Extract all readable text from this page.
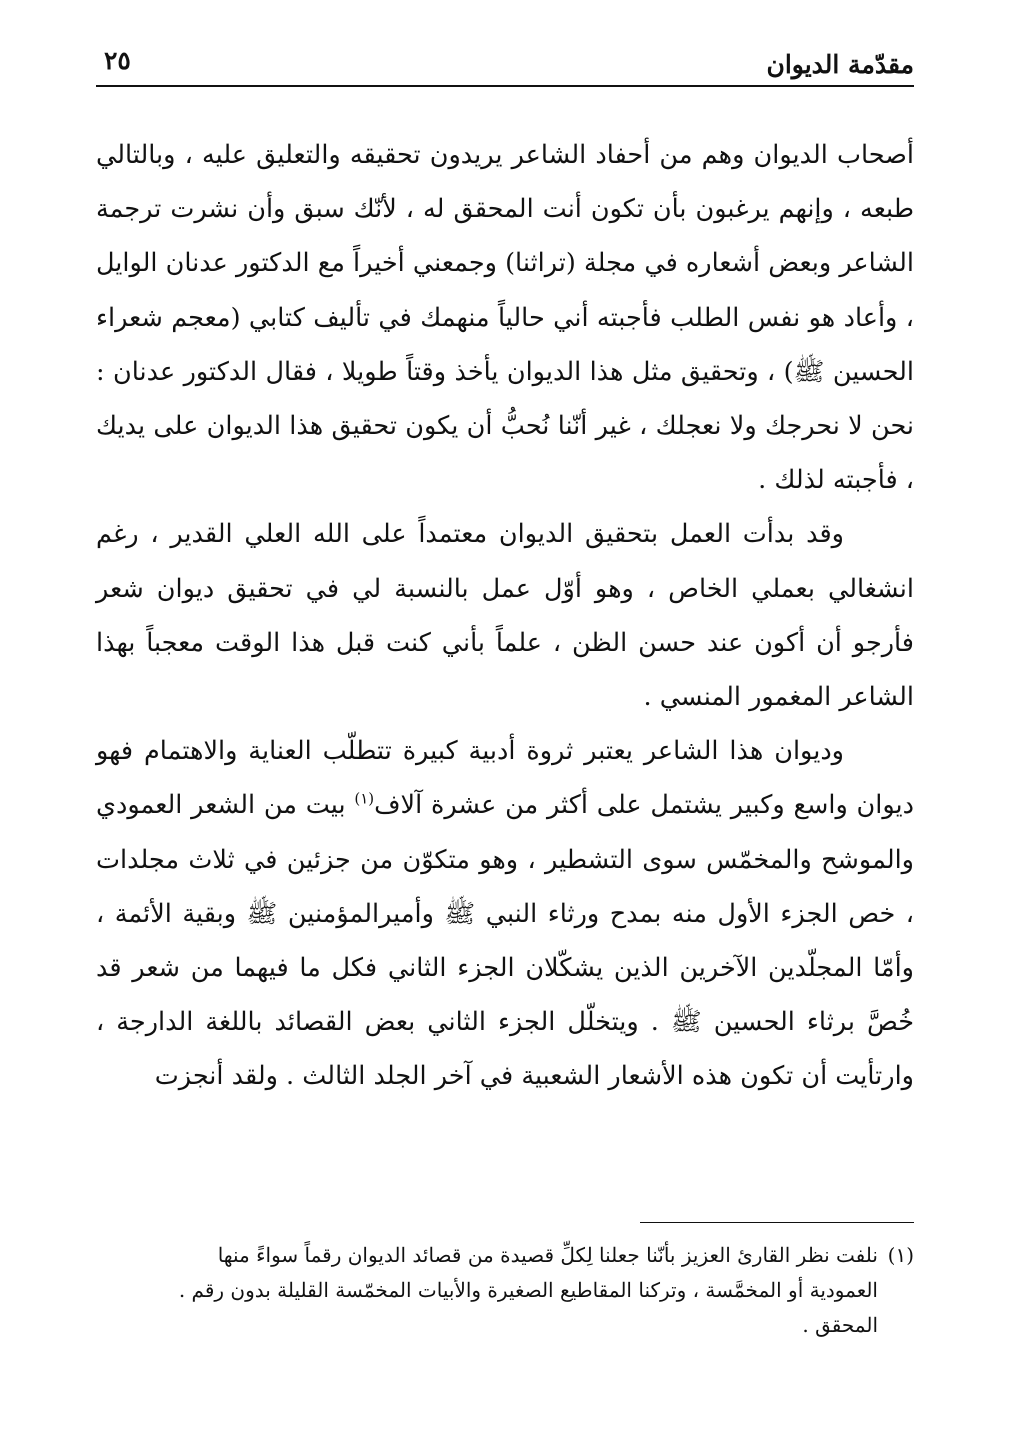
مقدّمة الديوان
٢٥

أصحاب الديوان وهم من أحفاد الشاعر يريدون تحقيقه والتعليق عليه ، وبالتالي طبعه ، وإنهم يرغبون بأن تكون أنت المحقق له ، لأنّك سبق وأن نشرت ترجمة الشاعر وبعض أشعاره في مجلة (تراثنا) وجمعني أخيراً مع الدكتور عدنان الوايل ، وأعاد هو نفس الطلب فأجبته أني حالياً منهمك في تأليف كتابي (معجم شعراء الحسين ﷺ) ، وتحقيق مثل هذا الديوان يأخذ وقتاً طويلا ، فقال الدكتور عدنان : نحن لا نحرجك ولا نعجلك ، غير أنّنا نُحبُّ أن يكون تحقيق هذا الديوان على يديك ، فأجبته لذلك .

وقد بدأت العمل بتحقيق الديوان معتمداً على الله العلي القدير ، رغم انشغالي بعملي الخاص ، وهو أوّل عمل بالنسبة لي في تحقيق ديوان شعر فأرجو أن أكون عند حسن الظن ، علماً بأني كنت قبل هذا الوقت معجباً بهذا الشاعر المغمور المنسي .

وديوان هذا الشاعر يعتبر ثروة أدبية كبيرة تتطلّب العناية والاهتمام فهو ديوان واسع وكبير يشتمل على أكثر من عشرة آلاف$^{(١)}$ بيت من الشعر العمودي والموشح والمخمّس سوى التشطير ، وهو متكوّن من جزئين في ثلاث مجلدات ، خص الجزء الأول منه بمدح ورثاء النبي ﷺ وأميرالمؤمنين ﷺ وبقية الأئمة ، وأمّا المجلّدين الآخرين الذين يشكّلان الجزء الثاني فكل ما فيهما من شعر قد خُصَّ برثاء الحسين ﷺ . ويتخلّل الجزء الثاني بعض القصائد باللغة الدارجة ، وارتأيت أن تكون هذه الأشعار الشعبية في آخر الجلد الثالث . ولقد أنجزت

(١)نلفت نظر القارئ العزيز بأنّنا جعلنا لِكلِّ قصيدة من قصائد الديوان رقماً سواءً منها
العمودية أو المخمَّسة ، وتركنا المقاطيع الصغيرة والأبيات المخمّسة القليلة بدون رقم .
المحقق .
